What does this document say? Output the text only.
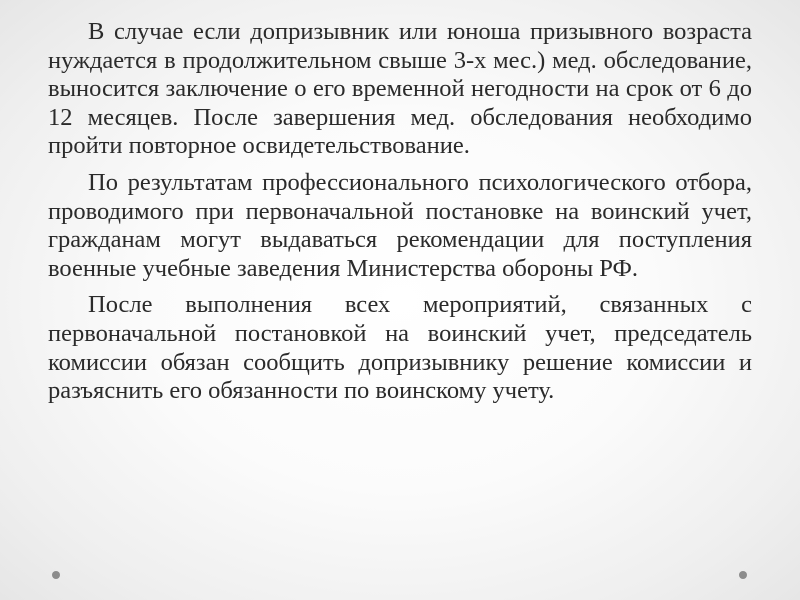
В случае если допризывник или юноша призывного возраста нуждается в продолжительном свыше 3-х мес.) мед. обследование, выносится заключение о его временной негодности на срок от 6 до 12 месяцев. После завершения мед. обследования необходимо пройти повторное освидетельствование.

По результатам профессионального психологического отбора, проводимого при первоначальной постановке на воинский учет, гражданам могут выдаваться рекомендации для поступления военные учебные заведения Министерства обороны РФ.

После выполнения всех мероприятий, связанных с первоначальной постановкой на воинский учет, председатель комиссии обязан сообщить допризывнику решение комиссии и разъяснить его обязанности по воинскому учету.
